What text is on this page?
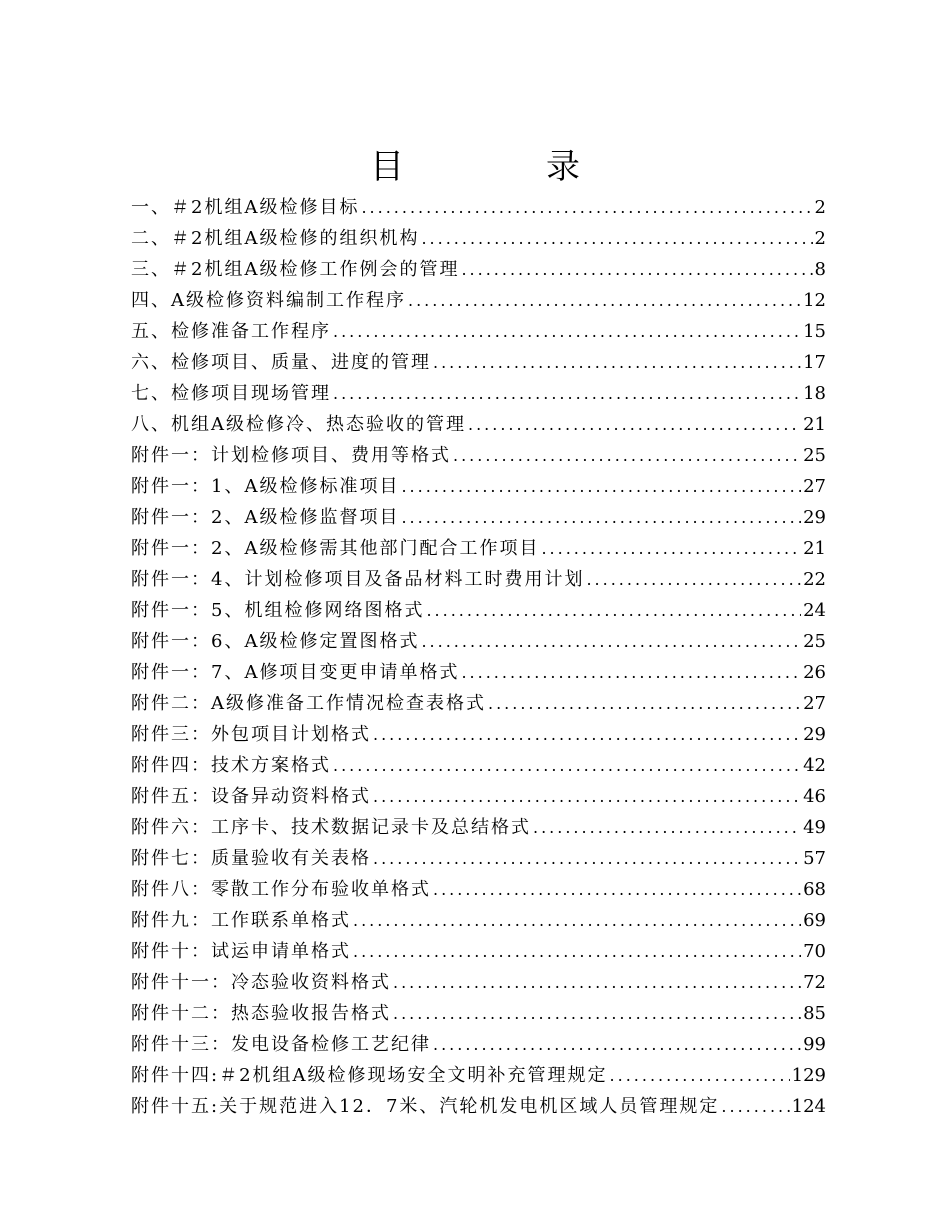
目　录
一、＃2机组A级检修目标 .....	2
二、＃2机组A级检修的组织机构 .....	2
三、＃2机组A级检修工作例会的管理 .....	8
四、A级检修资料编制工作程序 .....	12
五、检修准备工作程序 .....	15
六、检修项目、质量、进度的管理 .....	17
七、检修项目现场管理 .....	18
八、机组A级检修冷、热态验收的管理 .....	21
附件一：计划检修项目、费用等格式 .....	25
附件一：1、A级检修标准项目 .....	27
附件一：2、A级检修监督项目 .....	29
附件一：2、A级检修需其他部门配合工作项目 .....	21
附件一：4、计划检修项目及备品材料工时费用计划 .....	22
附件一：5、机组检修网络图格式 .....	24
附件一：6、A级检修定置图格式 .....	25
附件一：7、A修项目变更申请单格式 .....	26
附件二：A级修准备工作情况检查表格式 .....	27
附件三：外包项目计划格式 .....	29
附件四：技术方案格式 .....	42
附件五：设备异动资料格式 .....	46
附件六：工序卡、技术数据记录卡及总结格式 .....	49
附件七：质量验收有关表格 .....	57
附件八：零散工作分布验收单格式 .....	68
附件九：工作联系单格式 .....	69
附件十：试运申请单格式 .....	70
附件十一：冷态验收资料格式 .....	72
附件十二：热态验收报告格式 .....	85
附件十三：发电设备检修工艺纪律 .....	99
附件十四:＃2机组A级检修现场安全文明补充管理规定 .....	129
附件十五:关于规范进入12．7米、汽轮机发电机区域人员管理规定 .....	124
